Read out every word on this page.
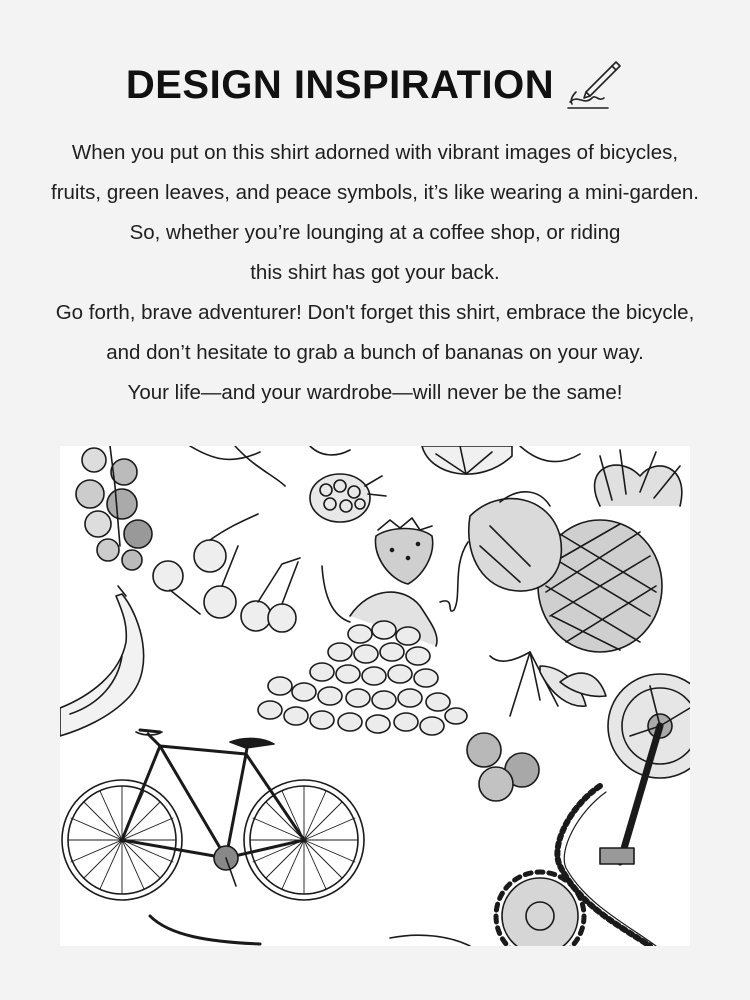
DESIGN INSPIRATION
When you put on this shirt adorned with vibrant images of bicycles,
fruits, green leaves, and peace symbols, it’s like wearing a mini-garden.
So, whether you’re lounging at a coffee shop, or riding
this shirt has got your back.
Go forth, brave adventurer! Don't forget this shirt, embrace the bicycle,
and don’t hesitate to grab a bunch of bananas on your way.
Your life—and your wardrobe—will never be the same!
